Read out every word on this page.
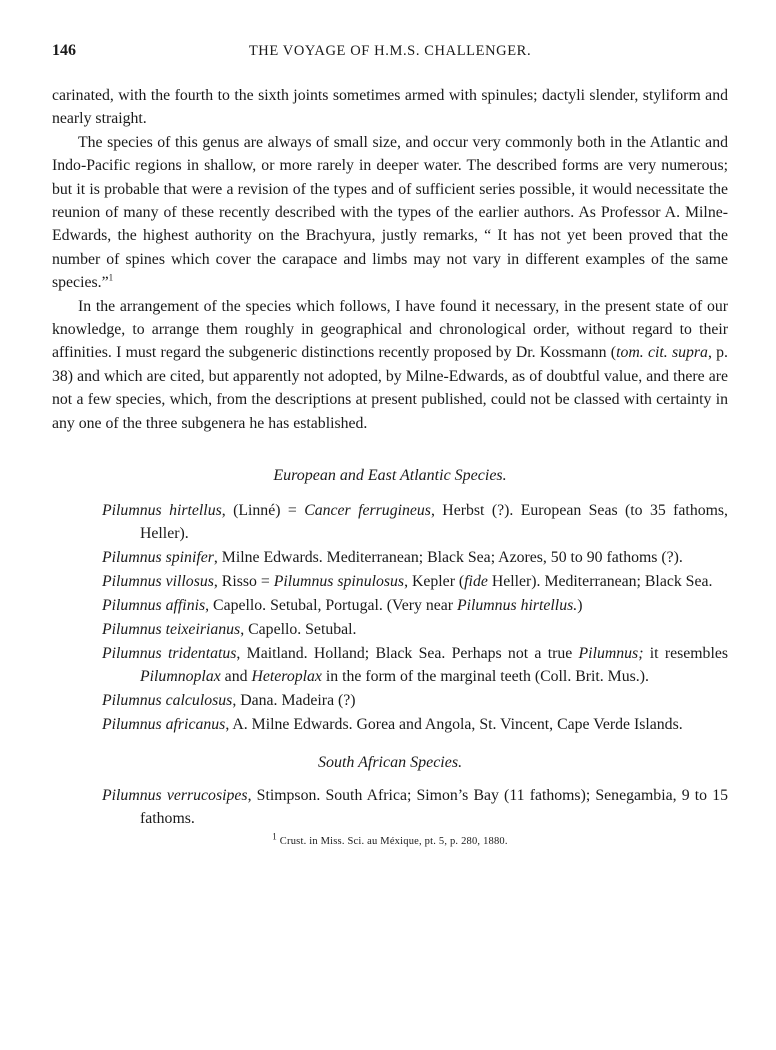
146	THE VOYAGE OF H.M.S. CHALLENGER.

carinated, with the fourth to the sixth joints sometimes armed with spinules; dactyli slender, styliform and nearly straight.

The species of this genus are always of small size, and occur very commonly both in the Atlantic and Indo-Pacific regions in shallow, or more rarely in deeper water. The described forms are very numerous; but it is probable that were a revision of the types and of sufficient series possible, it would necessitate the reunion of many of these recently described with the types of the earlier authors. As Professor A. Milne-Edwards, the highest authority on the Brachyura, justly remarks, “ It has not yet been proved that the number of spines which cover the carapace and limbs may not vary in different examples of the same species.”$^1$

In the arrangement of the species which follows, I have found it necessary, in the present state of our knowledge, to arrange them roughly in geographical and chronological order, without regard to their affinities. I must regard the subgeneric distinctions recently proposed by Dr. Kossmann (tom. cit. supra, p. 38) and which are cited, but apparently not adopted, by Milne-Edwards, as of doubtful value, and there are not a few species, which, from the descriptions at present published, could not be classed with certainty in any one of the three subgenera he has established.

European and East Atlantic Species.

Pilumnus hirtellus, (Linné) = Cancer ferrugineus, Herbst (?). European Seas (to 35 fathoms, Heller).

Pilumnus spinifer, Milne Edwards. Mediterranean; Black Sea; Azores, 50 to 90 fathoms (?).

Pilumnus villosus, Risso = Pilumnus spinulosus, Kepler (fide Heller). Mediterranean; Black Sea.

Pilumnus affinis, Capello. Setubal, Portugal. (Very near Pilumnus hirtellus.)

Pilumnus teixeirianus, Capello. Setubal.

Pilumnus tridentatus, Maitland. Holland; Black Sea. Perhaps not a true Pilumnus; it resembles Pilumnoplax and Heteroplax in the form of the marginal teeth (Coll. Brit. Mus.).

Pilumnus calculosus, Dana. Madeira (?)

Pilumnus africanus, A. Milne Edwards. Gorea and Angola, St. Vincent, Cape Verde Islands.

South African Species.

Pilumnus verrucosipes, Stimpson. South Africa; Simon’s Bay (11 fathoms); Senegambia, 9 to 15 fathoms.

$^1$ Crust. in Miss. Sci. au Méxique, pt. 5, p. 280, 1880.
